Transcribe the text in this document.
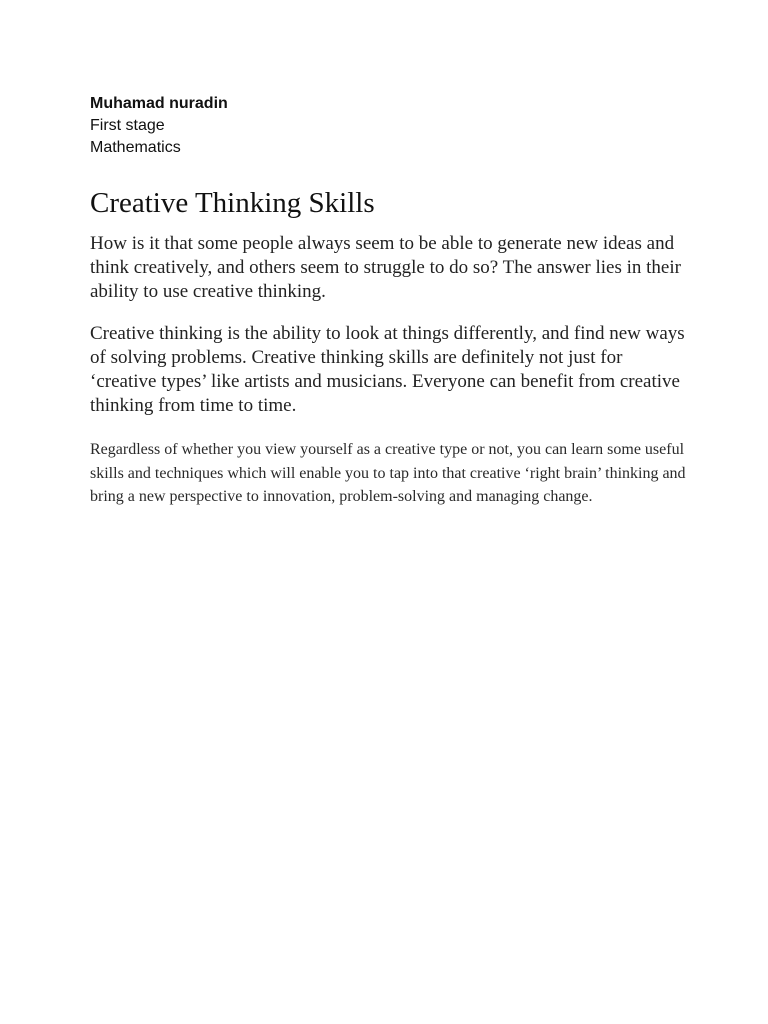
Muhamad nuradin
First stage
Mathematics
Creative Thinking Skills
How is it that some people always seem to be able to generate new ideas and think creatively, and others seem to struggle to do so? The answer lies in their ability to use creative thinking.
Creative thinking is the ability to look at things differently, and find new ways of solving problems. Creative thinking skills are definitely not just for ‘creative types’ like artists and musicians. Everyone can benefit from creative thinking from time to time.
Regardless of whether you view yourself as a creative type or not, you can learn some useful skills and techniques which will enable you to tap into that creative ‘right brain’ thinking and bring a new perspective to innovation, problem-solving and managing change.
